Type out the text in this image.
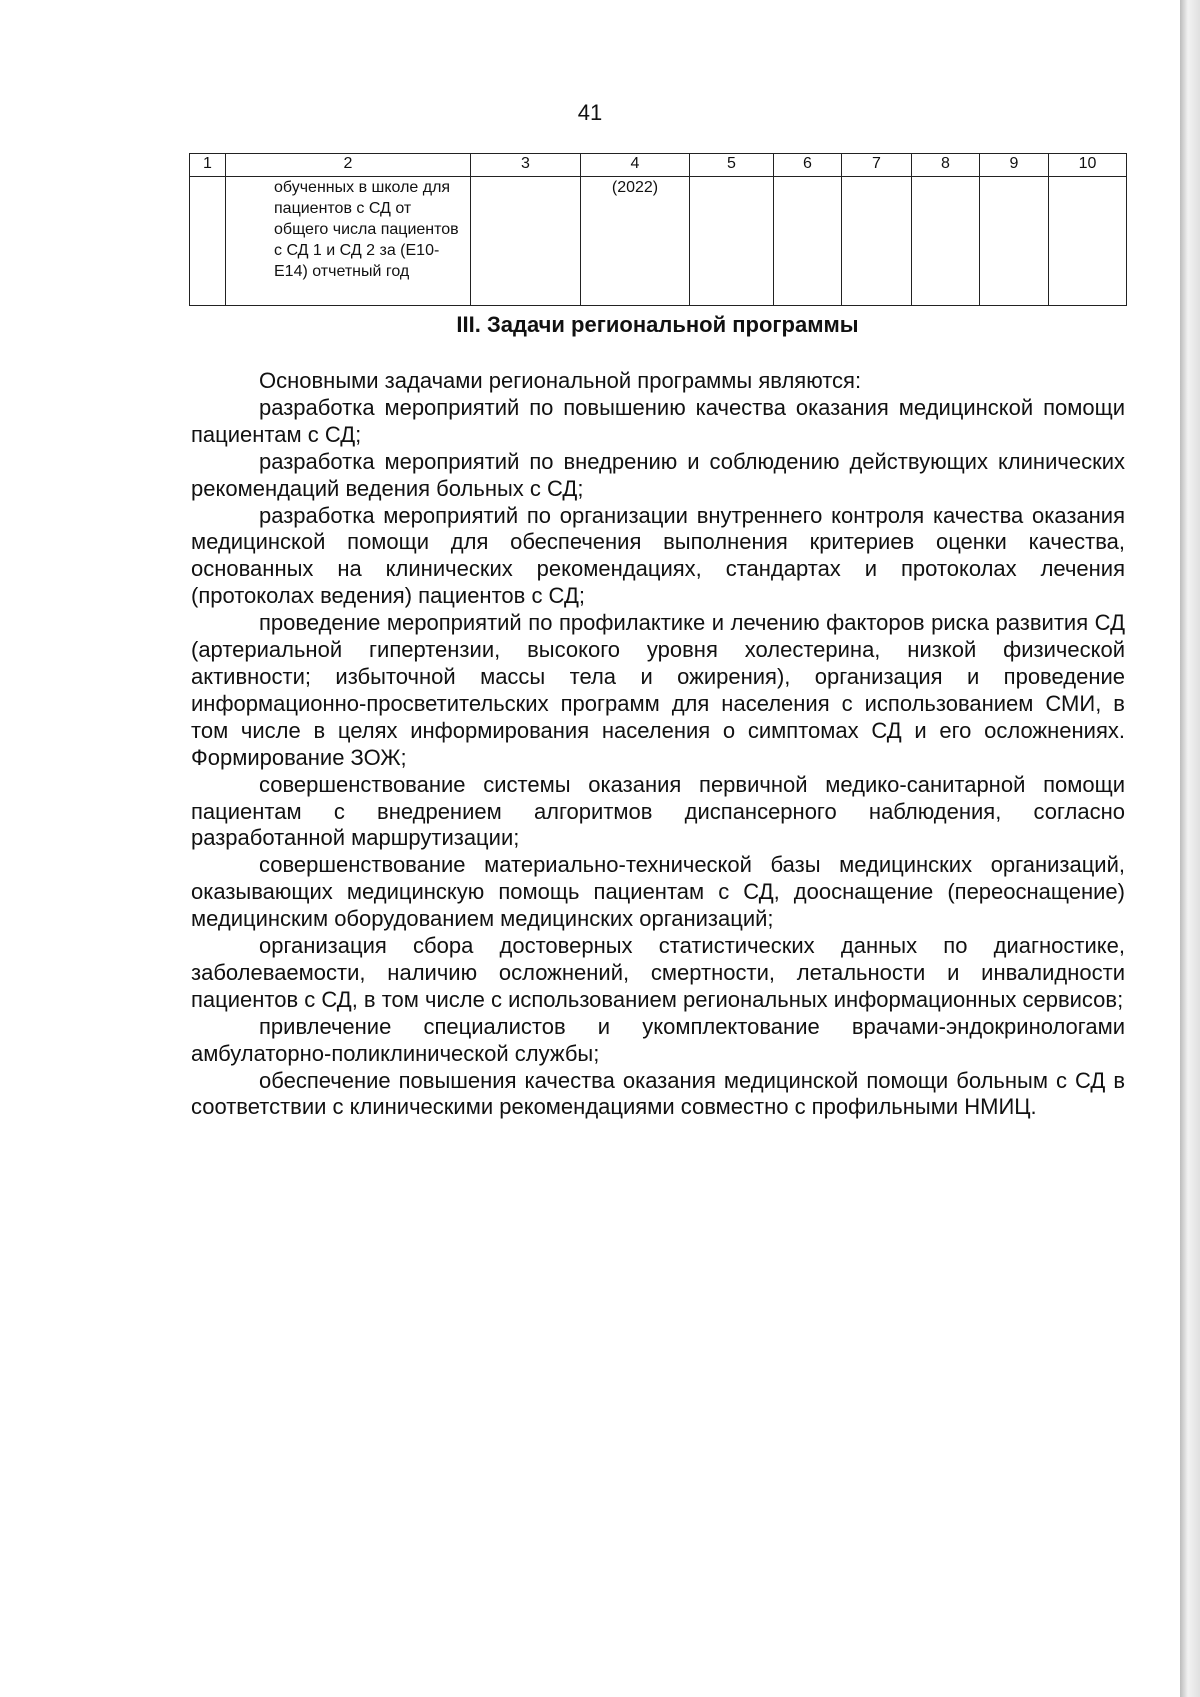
41
1	2	3	4	5	6	7	8	9	10
	обученных в школе для пациентов с СД от общего числа пациентов с СД 1 и СД 2 за (Е10-Е14) отчетный год		(2022)						
III. Задачи региональной программы

Основными задачами региональной программы являются:

разработка мероприятий по повышению качества оказания медицинской помощи пациентам с СД;

разработка мероприятий по внедрению и соблюдению действующих клинических рекомендаций ведения больных с СД;

разработка мероприятий по организации внутреннего контроля качества оказания медицинской помощи для обеспечения выполнения критериев оценки качества, основанных на клинических рекомендациях, стандартах и протоколах лечения (протоколах ведения) пациентов с СД;

проведение мероприятий по профилактике и лечению факторов риска развития СД (артериальной гипертензии, высокого уровня холестерина, низкой физической активности; избыточной массы тела и ожирения), организация и проведение информационно-просветительских программ для населения с использованием СМИ, в том числе в целях информирования населения о симптомах СД и его осложнениях. Формирование ЗОЖ;

совершенствование системы оказания первичной медико-санитарной помощи пациентам с внедрением алгоритмов диспансерного наблюдения, согласно разработанной маршрутизации;

совершенствование материально-технической базы медицинских организаций, оказывающих медицинскую помощь пациентам с СД, дооснащение (переоснащение) медицинским оборудованием медицинских организаций;

организация сбора достоверных статистических данных по диагностике, заболеваемости, наличию осложнений, смертности, летальности и инвалидности пациентов с СД, в том числе с использованием региональных информационных сервисов;

привлечение специалистов и укомплектование врачами-эндокринологами амбулаторно-поликлинической службы;

обеспечение повышения качества оказания медицинской помощи больным с СД в соответствии с клиническими рекомендациями совместно с профильными НМИЦ.
